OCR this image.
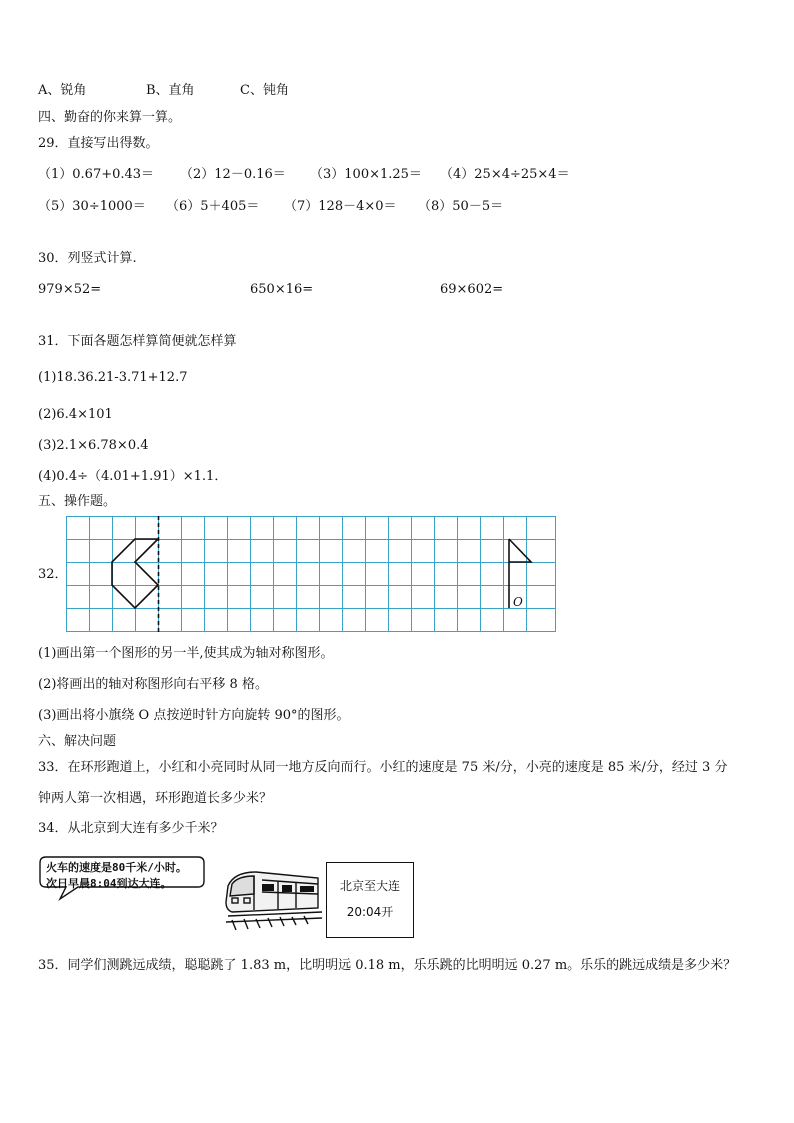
A、锐角	B、直角	C、钝角
四、勤奋的你来算一算。
29．直接写出得数。
（1）0.67+0.43＝ （2）12－0.16＝ （3）100×1.25＝ （4）25×4÷25×4＝
（5）30÷1000＝ （6）5＋405＝ （7）128－4×0＝ （8）50－5＝
30．列竖式计算.
979×52=	650×16=	69×602=
31．下面各题怎样算简便就怎样算
(1)18.36.21-3.71+12.7
(2)6.4×101
(3)2.1×6.78×0.4
(4)0.4÷（4.01+1.91）×1.1．
五、操作题。
32．
O
(1)画出第一个图形的另一半,使其成为轴对称图形。
(2)将画出的轴对称图形向右平移 8 格。
(3)画出将小旗绕 O 点按逆时针方向旋转 90°的图形。
六、解决问题
33．在环形跑道上，小红和小亮同时从同一地方反向而行。小红的速度是 75 米/分，小亮的速度是 85 米/分，经过 3 分
钟两人第一次相遇，环形跑道长多少米？
34．从北京到大连有多少千米？
火车的速度是80千米/小时。
次日早晨8:04到达大连。	北京至大连
20:04开
35．同学们测跳远成绩，聪聪跳了 1.83 m，比明明远 0.18 m，乐乐跳的比明明远 0.27 m。乐乐的跳远成绩是多少米？
